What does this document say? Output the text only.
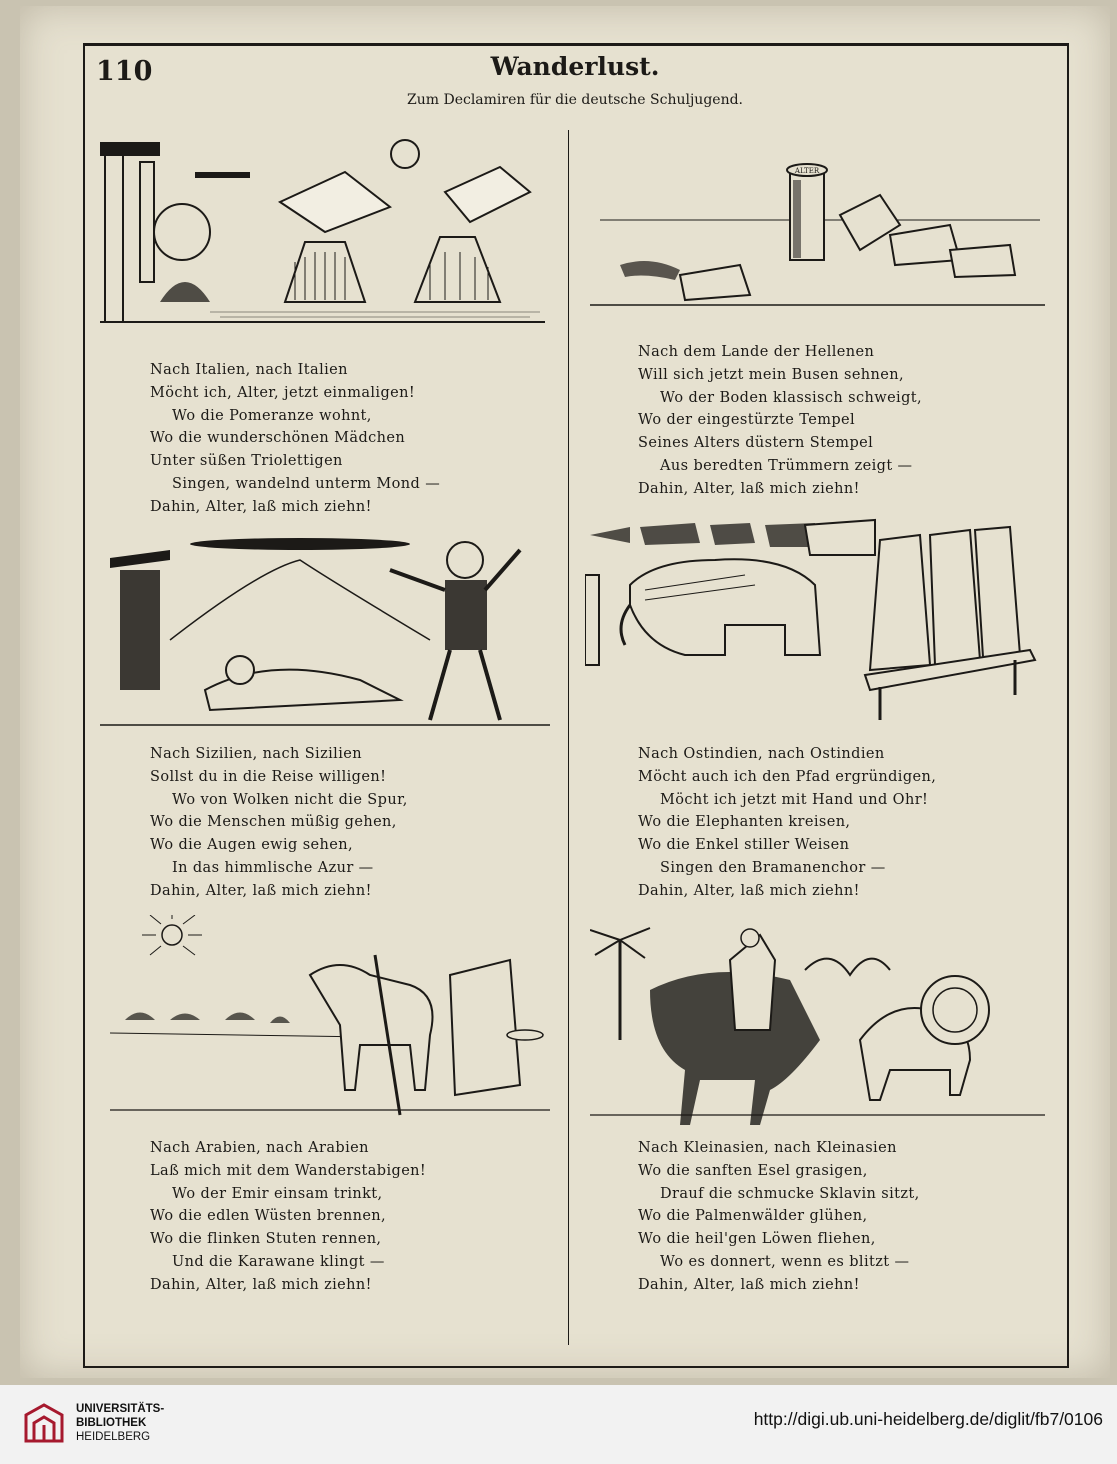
110	Wanderlust.
Zum Declamiren für die deutsche Schuljugend.
ALTER
Nach Italien, nach Italien
Möcht ich, Alter, jetzt einmaligen!
Wo die Pomeranze wohnt,
Wo die wunderschönen Mädchen
Unter süßen Triolettigen
Singen, wandelnd unterm Mond —
Dahin, Alter, laß mich ziehn!
Nach dem Lande der Hellenen
Will sich jetzt mein Busen sehnen,
Wo der Boden klassisch schweigt,
Wo der eingestürzte Tempel
Seines Alters düstern Stempel
Aus beredten Trümmern zeigt —
Dahin, Alter, laß mich ziehn!
Nach Sizilien, nach Sizilien
Sollst du in die Reise willigen!
Wo von Wolken nicht die Spur,
Wo die Menschen müßig gehen,
Wo die Augen ewig sehen,
In das himmlische Azur —
Dahin, Alter, laß mich ziehn!
Nach Ostindien, nach Ostindien
Möcht auch ich den Pfad ergründigen,
Möcht ich jetzt mit Hand und Ohr!
Wo die Elephanten kreisen,
Wo die Enkel stiller Weisen
Singen den Bramanenchor —
Dahin, Alter, laß mich ziehn!
Nach Arabien, nach Arabien
Laß mich mit dem Wanderstabigen!
Wo der Emir einsam trinkt,
Wo die edlen Wüsten brennen,
Wo die flinken Stuten rennen,
Und die Karawane klingt —
Dahin, Alter, laß mich ziehn!
Nach Kleinasien, nach Kleinasien
Wo die sanften Esel grasigen,
Drauf die schmucke Sklavin sitzt,
Wo die Palmenwälder glühen,
Wo die heil'gen Löwen fliehen,
Wo es donnert, wenn es blitzt —
Dahin, Alter, laß mich ziehn!
UNIVERSITÄTS-
BIBLIOTHEK
HEIDELBERG
http://digi.ub.uni-heidelberg.de/diglit/fb7/0106
